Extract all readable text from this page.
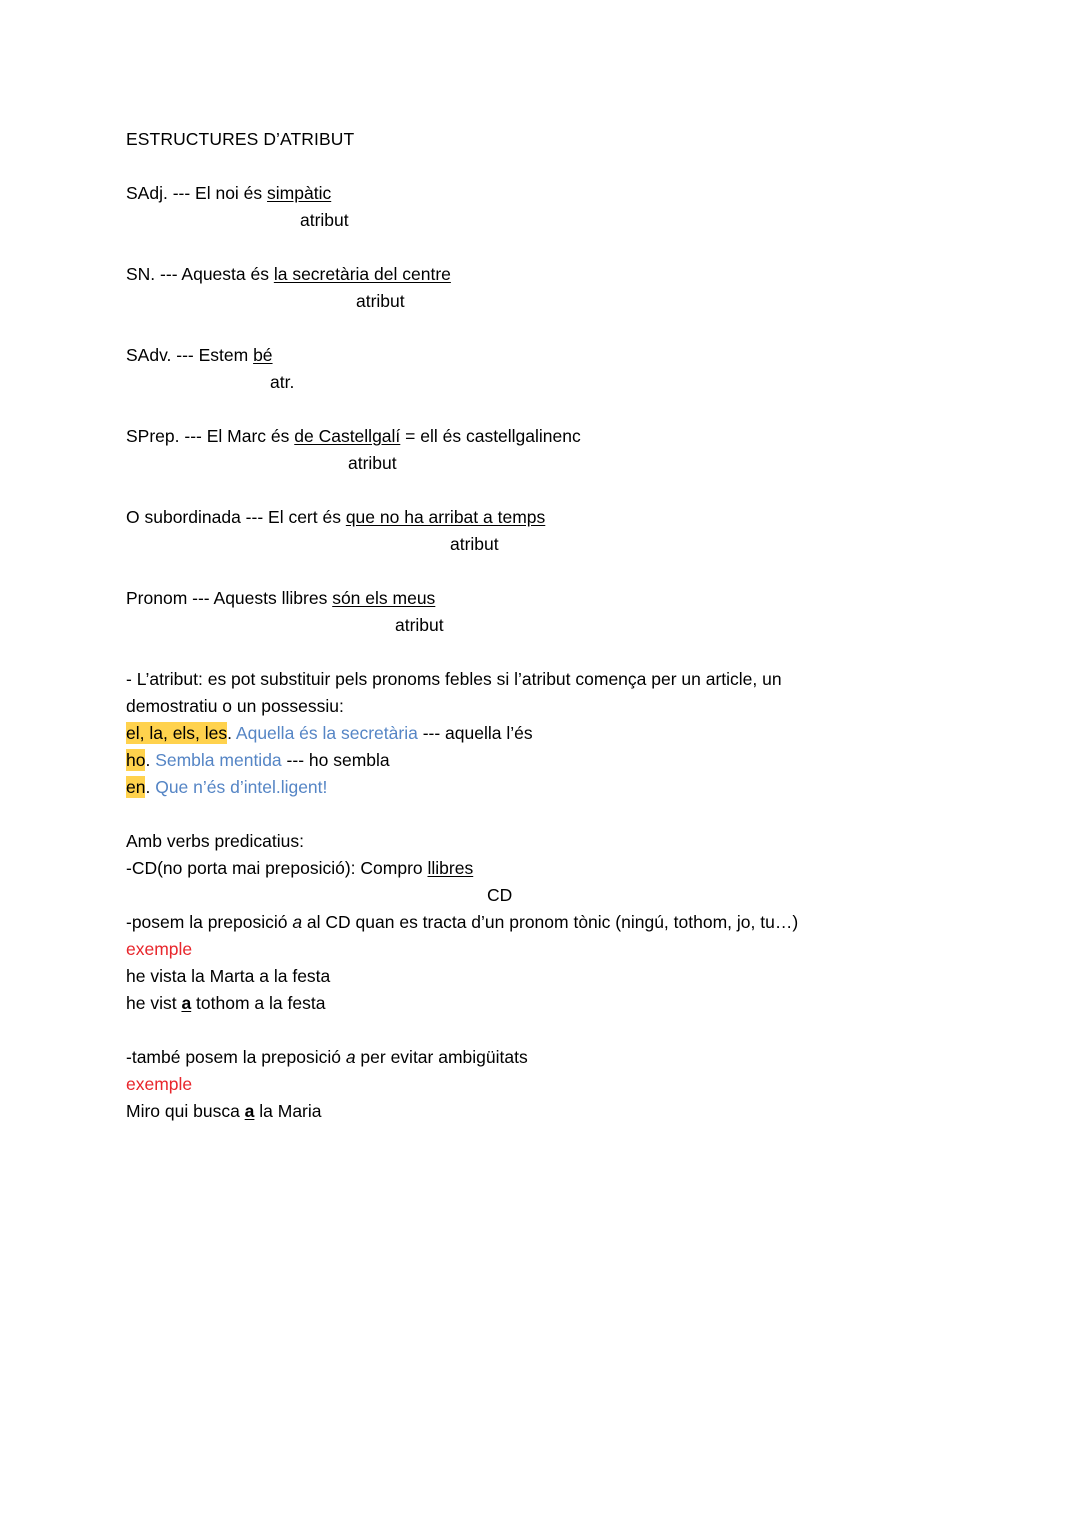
ESTRUCTURES D’ATRIBUT
SAdj. --- El noi és simpàtic
atribut
SN. --- Aquesta és la secretària del centre
atribut
SAdv. --- Estem bé
atr.
SPrep. --- El Marc és de Castellgalí = ell és castellgalinenc
atribut
O subordinada --- El cert és que no ha arribat a temps
atribut
Pronom --- Aquests llibres són els meus
atribut
- L’atribut: es pot substituir pels pronoms febles si l’atribut comença per un article, un
demostratiu o un possessiu:
el, la, els, les. Aquella és la secretària --- aquella l’és
ho. Sembla mentida --- ho sembla
en. Que n’és d’intel.ligent!
Amb verbs predicatius:
-CD(no porta mai preposició): Compro llibres
CD
-posem la preposició a al CD quan es tracta d’un pronom tònic (ningú, tothom, jo, tu…)
exemple
he vista la Marta a la festa
he vist a tothom a la festa
-també posem la preposició a per evitar ambigüitats
exemple
Miro qui busca a la Maria
